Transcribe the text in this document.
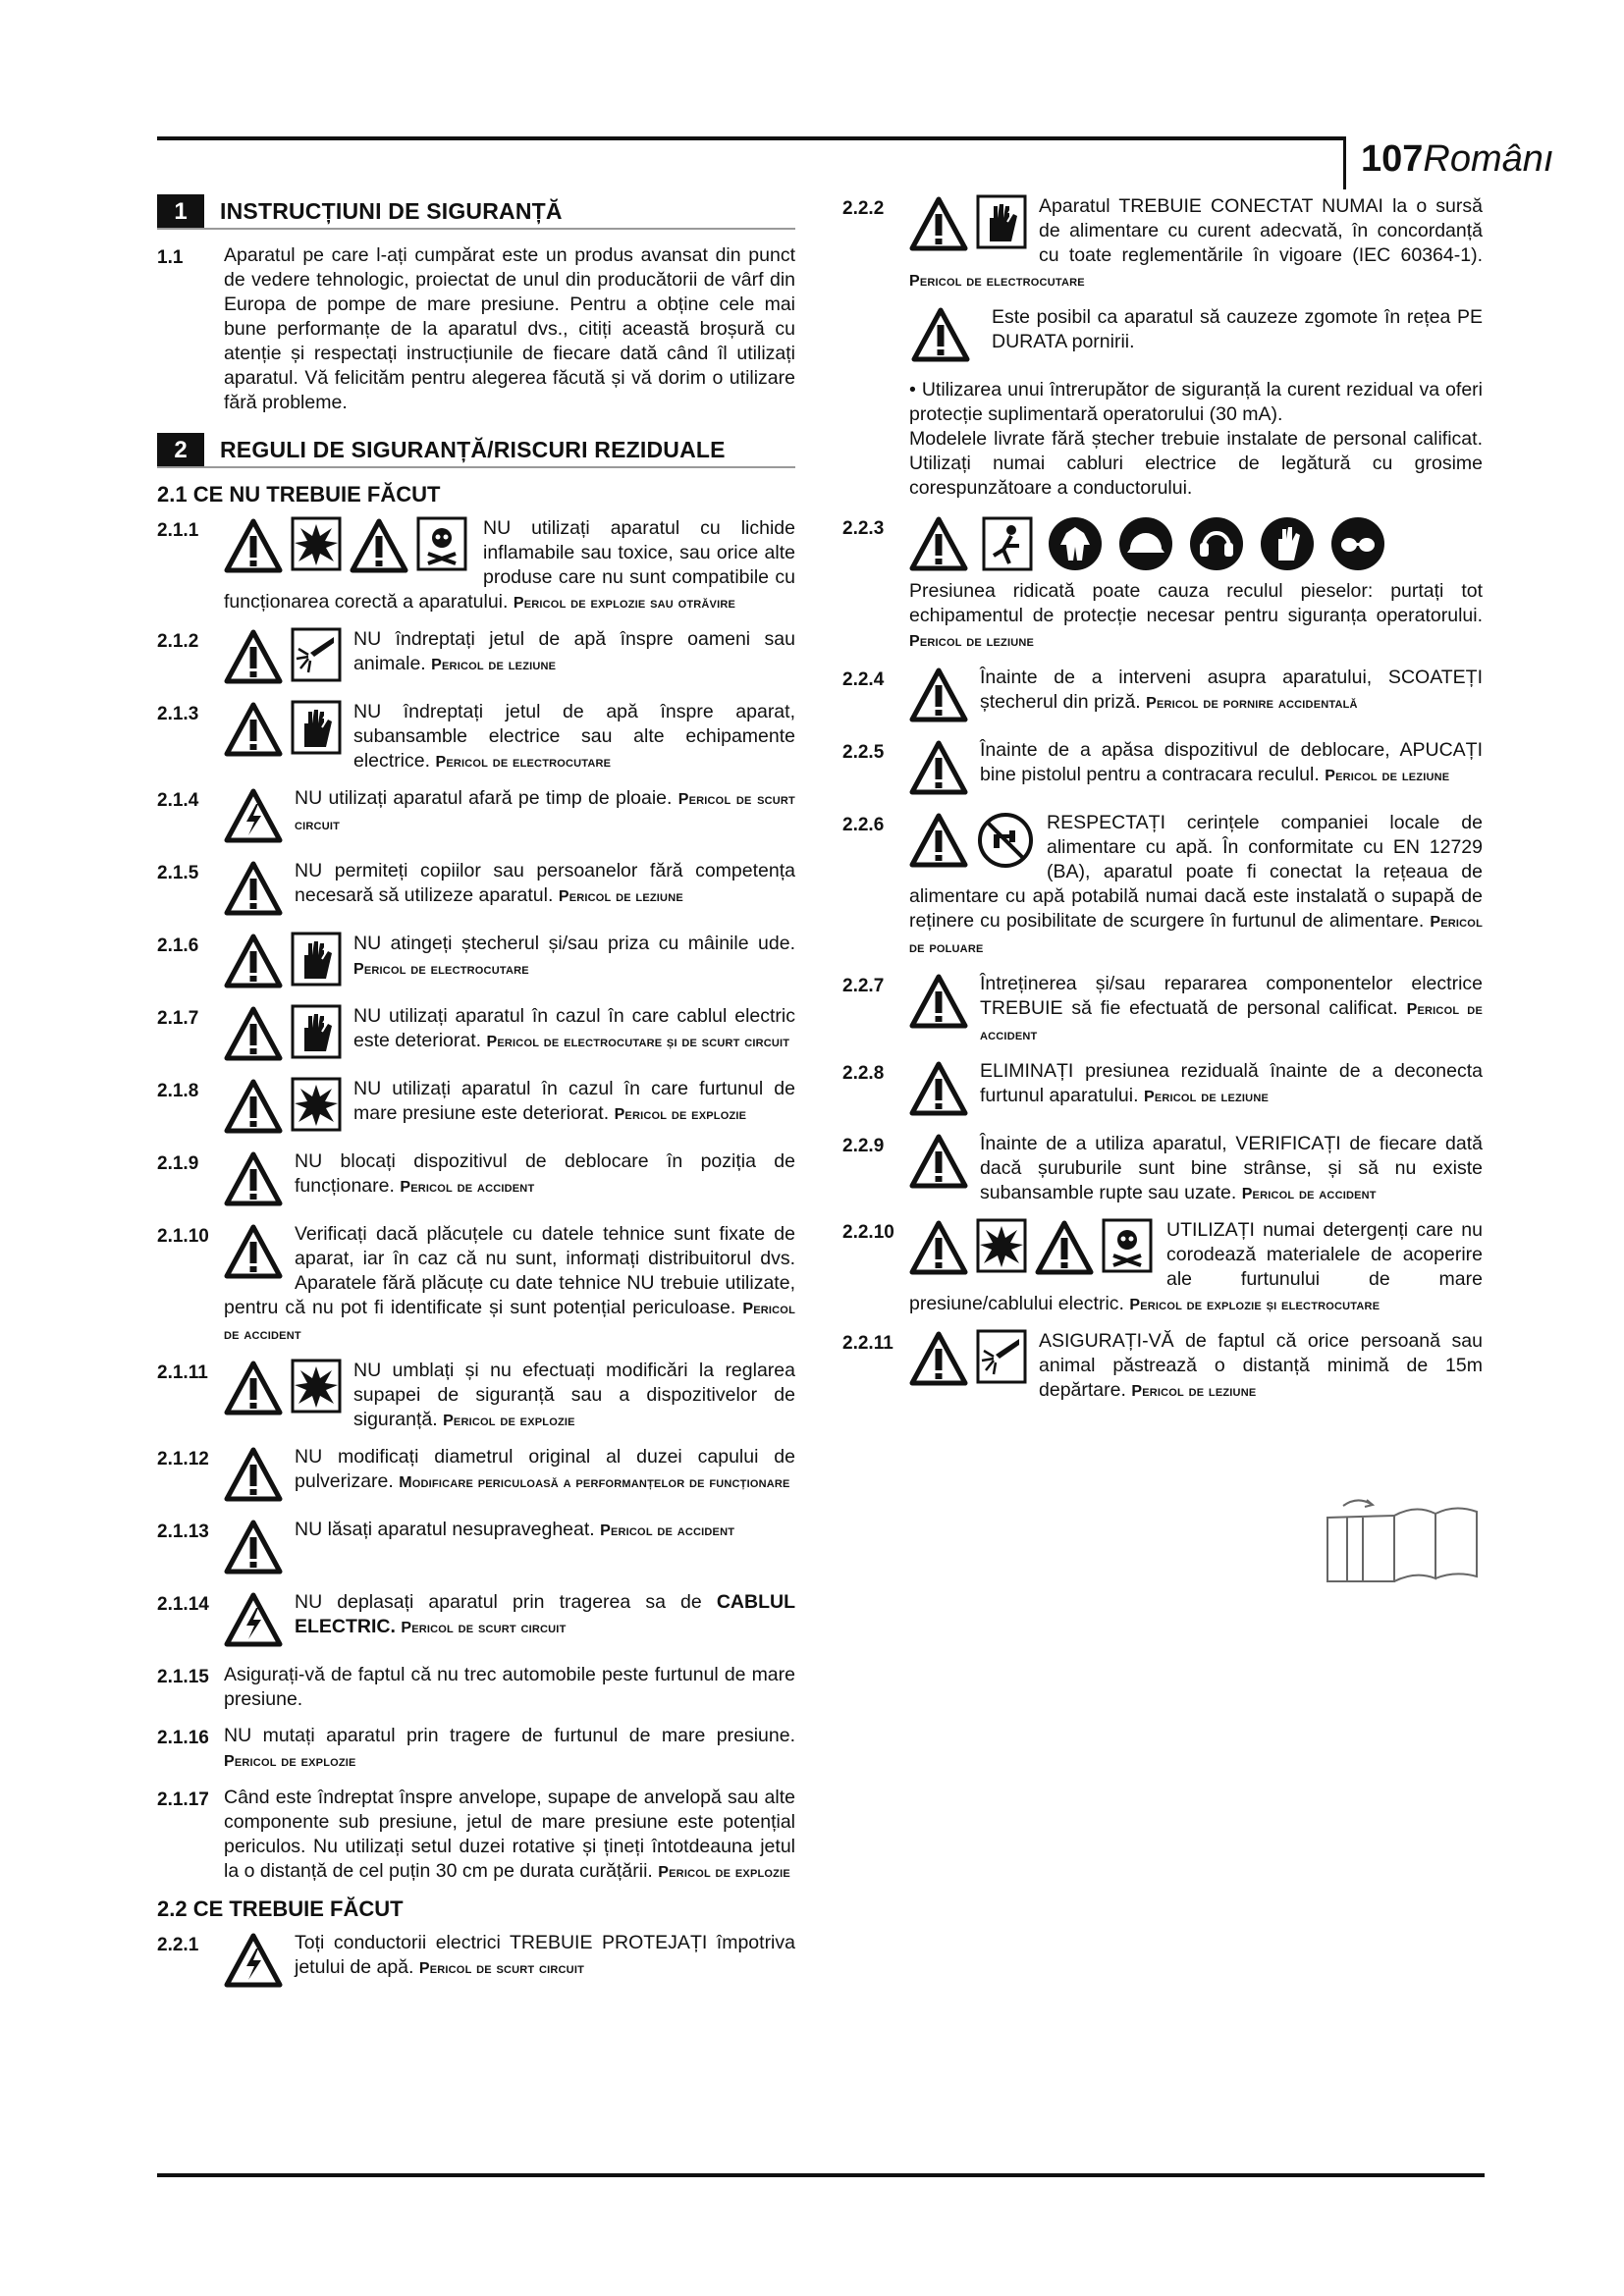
107Românı
1	INSTRUCȚIUNI DE SIGURANȚĂ
1.1	Aparatul pe care l-ați cumpărat este un produs avansat din punct de vedere tehnologic, proiectat de unul din producătorii de vârf din Europa de pompe de mare presiune. Pentru a obține cele mai bune performanțe de la aparatul dvs., citiți această broșură cu atenție și respectați instrucțiunile de fiecare dată când îl utilizați aparatul. Vă felicităm pentru alegerea făcută și vă dorim o utilizare fără probleme.
2	REGULI DE SIGURANȚĂ/RISCURI REZIDUALE
2.1 CE NU TREBUIE FĂCUT
2.1.1	NU utilizați aparatul cu lichide inflamabile sau toxice, sau orice alte produse care nu sunt compatibile cu funcționarea corectă a aparatului. Pericol de explozie sau otrăvire
2.1.2	NU îndreptați jetul de apă înspre oameni sau animale. Pericol de leziune
2.1.3	NU îndreptați jetul de apă înspre aparat, subansamble electrice sau alte echipamente electrice. Pericol de electrocutare
2.1.4	NU utilizați aparatul afară pe timp de ploaie. Pericol de scurt circuit
2.1.5	NU permiteți copiilor sau persoanelor fără competența necesară să utilizeze aparatul. Pericol de leziune
2.1.6	NU atingeți ștecherul și/sau priza cu mâinile ude. Pericol de electrocutare
2.1.7	NU utilizați aparatul în cazul în care cablul electric este deteriorat. Pericol de electrocutare și de scurt circuit
2.1.8	NU utilizați aparatul în cazul în care furtunul de mare presiune este deteriorat. Pericol de explozie
2.1.9	NU blocați dispozitivul de deblocare în poziția de funcționare. Pericol de accident
2.1.10	Verificați dacă plăcuțele cu datele tehnice sunt fixate de aparat, iar în caz că nu sunt, informați distribuitorul dvs. Aparatele fără plăcuțe cu date tehnice NU trebuie utilizate, pentru că nu pot fi identificate și sunt potențial periculoase. Pericol de accident
2.1.11	NU umblați și nu efectuați modificări la reglarea supapei de siguranță sau a dispozitivelor de siguranță. Pericol de explozie
2.1.12	NU modificați diametrul original al duzei capului de pulverizare. Modificare periculoasă a performanțelor de funcționare
2.1.13	NU lăsați aparatul nesupravegheat. Pericol de accident
2.1.14	NU deplasați aparatul prin tragerea sa de CABLUL ELECTRIC. Pericol de scurt circuit
2.1.15 Asigurați-vă de faptul că nu trec automobile peste furtunul de mare presiune.
2.1.16 NU mutați aparatul prin tragere de furtunul de mare presiune. Pericol de explozie
2.1.17 Când este îndreptat înspre anvelope, supape de anvelopă sau alte componente sub presiune, jetul de mare presiune este potențial periculos. Nu utilizați setul duzei rotative și țineți întotdeauna jetul la o distanță de cel puțin 30 cm pe durata curățării. Pericol de explozie
2.2 CE TREBUIE FĂCUT
2.2.1	Toți conductorii electrici TREBUIE PROTEJAȚI împotriva jetului de apă. Pericol de scurt circuit
2.2.2	Aparatul TREBUIE CONECTAT NUMAI la o sursă de alimentare cu curent adecvată, în concordanță cu toate reglementările în vigoare (IEC 60364-1). Pericol de electrocutare
Este posibil ca aparatul să cauzeze zgomote în rețea PE DURATA pornirii.
• Utilizarea unui întrerupător de siguranță la curent rezidual va oferi protecție suplimentară operatorului (30 mA).
Modelele livrate fără ștecher trebuie instalate de personal calificat. Utilizați numai cabluri electrice de legătură cu grosime corespunzătoare a conductorului.
2.2.3
Presiunea ridicată poate cauza reculul pieselor: purtați tot echipamentul de protecție necesar pentru siguranța operatorului. Pericol de leziune
2.2.4	Înainte de a interveni asupra aparatului, SCOATEȚI ștecherul din priză. Pericol de pornire accidentală
2.2.5	Înainte de a apăsa dispozitivul de deblocare, APUCAȚI bine pistolul pentru a contracara reculul. Pericol de leziune
2.2.6	RESPECTAȚI cerințele companiei locale de alimentare cu apă. În conformitate cu EN 12729 (BA), aparatul poate fi conectat la rețeaua de alimentare cu apă potabilă numai dacă este instalată o supapă de reținere cu posibilitate de scurgere în furtunul de alimentare. Pericol de poluare
2.2.7	Întreținerea și/sau repararea componentelor electrice TREBUIE să fie efectuată de personal calificat. Pericol de accident
2.2.8	ELIMINAȚI presiunea reziduală înainte de a deconecta furtunul aparatului. Pericol de leziune
2.2.9	Înainte de a utiliza aparatul, VERIFICAȚI de fiecare dată dacă șuruburile sunt bine strânse, și să nu existe subansamble rupte sau uzate. Pericol de accident
2.2.10	UTILIZAȚI numai detergenți care nu corodează materialele de acoperire ale furtunului de mare presiune/cablului electric. Pericol de explozie și electrocutare
2.2.11	ASIGURAȚI-VĂ de faptul că orice persoană sau animal păstrează o distanță minimă de 15m depărtare. Pericol de leziune
